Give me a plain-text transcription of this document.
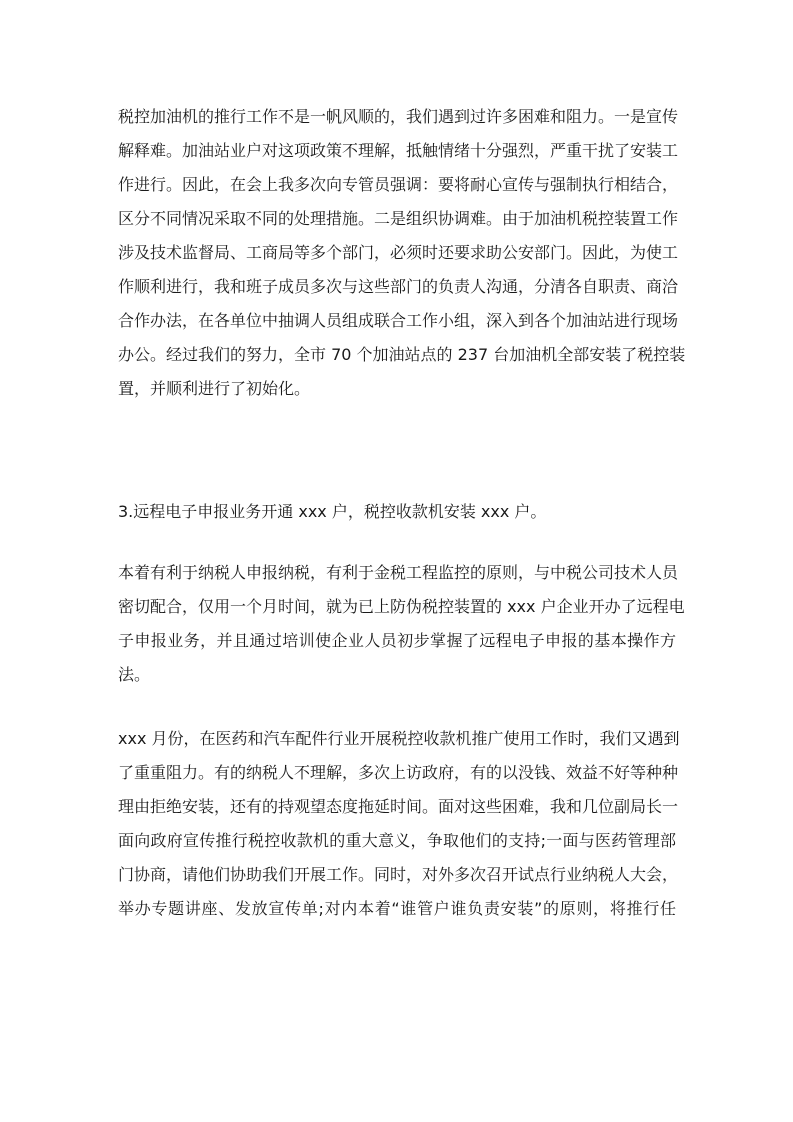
税控加油机的推行工作不是一帆风顺的，我们遇到过许多困难和阻力。一是宣传
解释难。加油站业户对这项政策不理解，抵触情绪十分强烈，严重干扰了安装工
作进行。因此，在会上我多次向专管员强调：要将耐心宣传与强制执行相结合，
区分不同情况采取不同的处理措施。二是组织协调难。由于加油机税控装置工作
涉及技术监督局、工商局等多个部门，必须时还要求助公安部门。因此，为使工
作顺利进行，我和班子成员多次与这些部门的负责人沟通，分清各自职责、商洽
合作办法，在各单位中抽调人员组成联合工作小组，深入到各个加油站进行现场
办公。经过我们的努力，全市 70 个加油站点的 237 台加油机全部安装了税控装
置，并顺利进行了初始化。
3.远程电子申报业务开通 xxx 户，税控收款机安装 xxx 户。
本着有利于纳税人申报纳税，有利于金税工程监控的原则，与中税公司技术人员
密切配合，仅用一个月时间，就为已上防伪税控装置的 xxx 户企业开办了远程电
子申报业务，并且通过培训使企业人员初步掌握了远程电子申报的基本操作方
法。
xxx 月份，在医药和汽车配件行业开展税控收款机推广使用工作时，我们又遇到
了重重阻力。有的纳税人不理解，多次上访政府，有的以没钱、效益不好等种种
理由拒绝安装，还有的持观望态度拖延时间。面对这些困难，我和几位副局长一
面向政府宣传推行税控收款机的重大意义，争取他们的支持;一面与医药管理部
门协商，请他们协助我们开展工作。同时，对外多次召开试点行业纳税人大会，
举办专题讲座、发放宣传单;对内本着“谁管户谁负责安装”的原则，将推行任
